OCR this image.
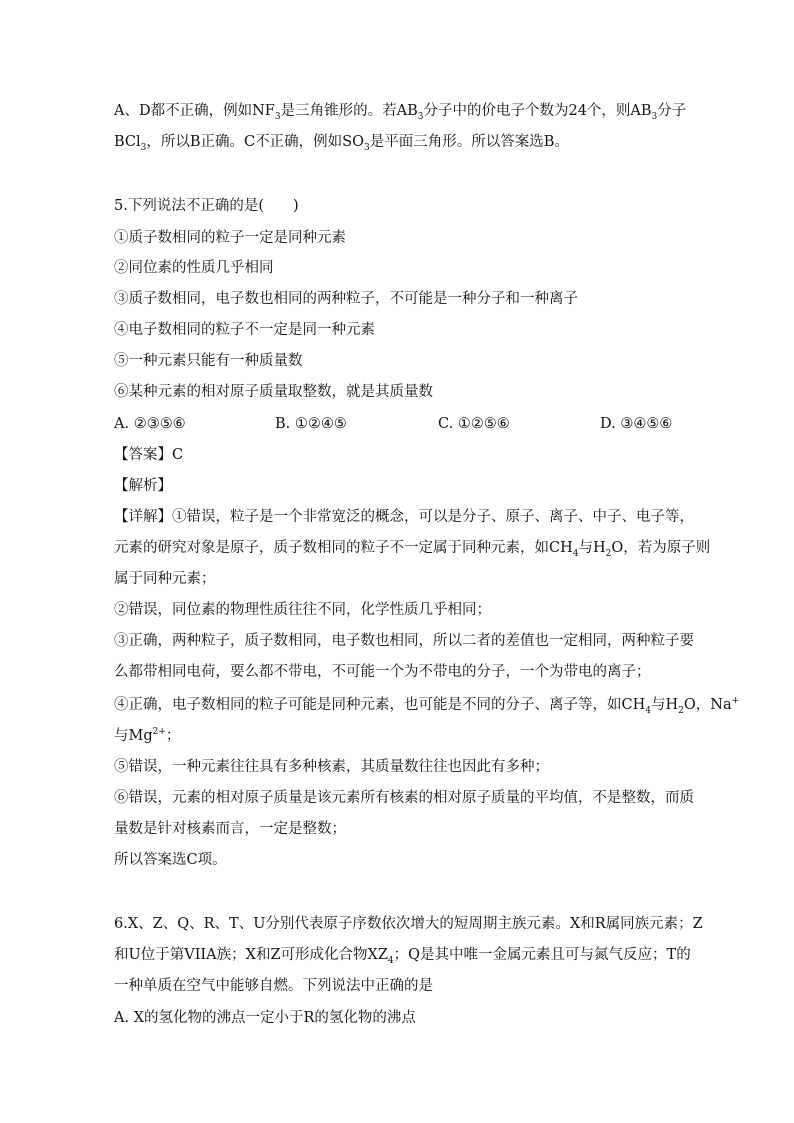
A、D都不正确，例如$NF_3$是三角锥形的。若$AB_3$分子中的价电子个数为24个，则$AB_3$分子
BCl$_3$，所以B正确。C不正确，例如$SO_3$是平面三角形。所以答案选B。
5.下列说法不正确的是(　　)
①质子数相同的粒子一定是同种元素
②同位素的性质几乎相同
③质子数相同，电子数也相同的两种粒子，不可能是一种分子和一种离子
④电子数相同的粒子不一定是同一种元素
⑤一种元素只能有一种质量数
⑥某种元素的相对原子质量取整数，就是其质量数
A. ②③⑤⑥	B. ①②④⑤	C. ①②⑤⑥	D. ③④⑤⑥
【答案】C
【解析】
【详解】①错误，粒子是一个非常宽泛的概念，可以是分子、原子、离子、中子、电子等，
元素的研究对象是原子，质子数相同的粒子不一定属于同种元素，如$CH_4$与$H_2O$，若为原子则
属于同种元素；
②错误，同位素的物理性质往往不同，化学性质几乎相同；
③正确，两种粒子，质子数相同，电子数也相同，所以二者的差值也一定相同，两种粒子要
么都带相同电荷，要么都不带电，不可能一个为不带电的分子，一个为带电的离子；
④正确，电子数相同的粒子可能是同种元素，也可能是不同的分子、离子等，如$CH_4$与$H_2O$，Na+
与$Mg^{2+}$；
⑤错误，一种元素往往具有多种核素，其质量数往往也因此有多种；
⑥错误，元素的相对原子质量是该元素所有核素的相对原子质量的平均值，不是整数，而质
量数是针对核素而言，一定是整数；
所以答案选C项。
6.X、Z、Q、R、T、U分别代表原子序数依次增大的短周期主族元素。X和R属同族元素；Z
和U位于第VIIA族；X和Z可形成化合物$XZ_4$；Q是其中唯一金属元素且可与氮气反应；T的
一种单质在空气中能够自燃。下列说法中正确的是
A. X的氢化物的沸点一定小于R的氢化物的沸点
